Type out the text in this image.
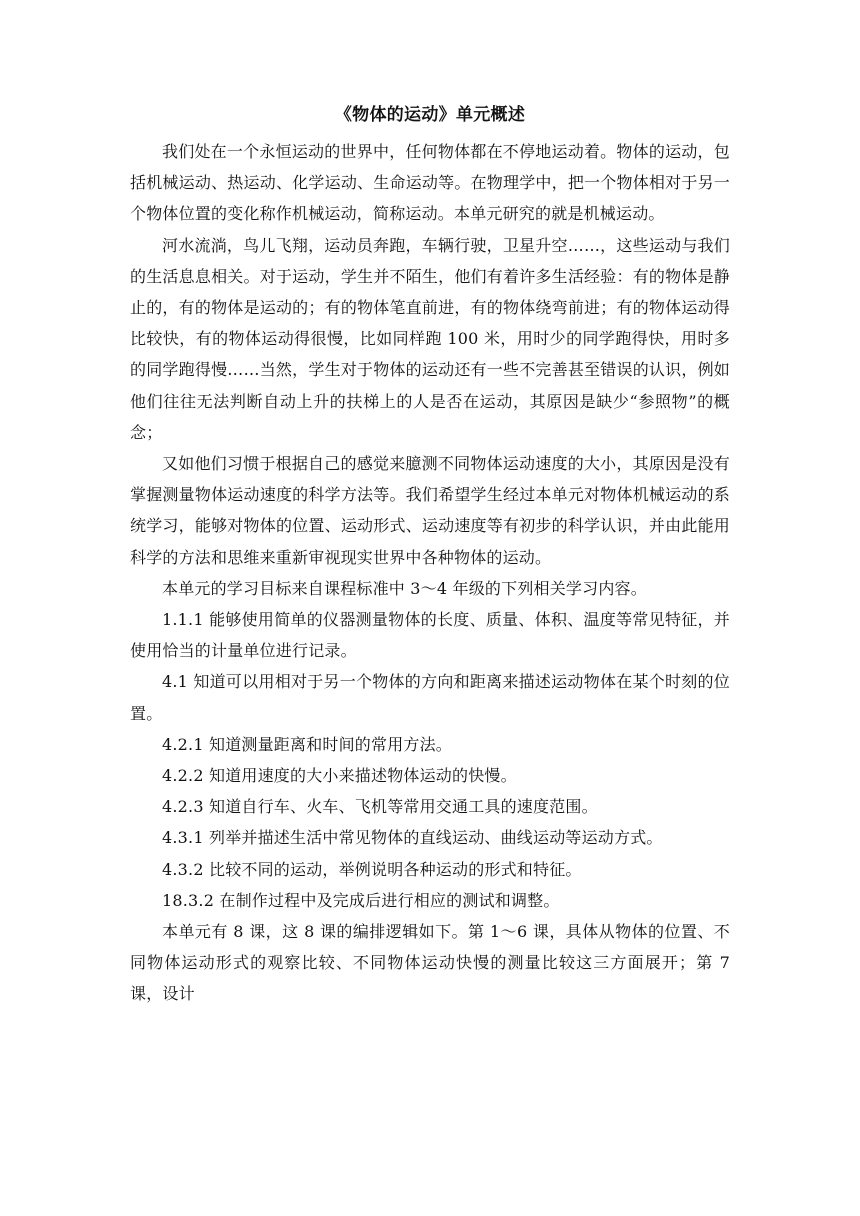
《物体的运动》单元概述

我们处在一个永恒运动的世界中，任何物体都在不停地运动着。物体的运动，包括机械运动、热运动、化学运动、生命运动等。在物理学中，把一个物体相对于另一个物体位置的变化称作机械运动，简称运动。本单元研究的就是机械运动。

河水流淌，鸟儿飞翔，运动员奔跑，车辆行驶，卫星升空……，这些运动与我们的生活息息相关。对于运动，学生并不陌生，他们有着许多生活经验：有的物体是静止的，有的物体是运动的；有的物体笔直前进，有的物体绕弯前进；有的物体运动得比较快，有的物体运动得很慢，比如同样跑 100 米，用时少的同学跑得快，用时多的同学跑得慢……当然，学生对于物体的运动还有一些不完善甚至错误的认识，例如他们往往无法判断自动上升的扶梯上的人是否在运动，其原因是缺少“参照物”的概念；

又如他们习惯于根据自己的感觉来臆测不同物体运动速度的大小，其原因是没有掌握测量物体运动速度的科学方法等。我们希望学生经过本单元对物体机械运动的系统学习，能够对物体的位置、运动形式、运动速度等有初步的科学认识，并由此能用科学的方法和思维来重新审视现实世界中各种物体的运动。

本单元的学习目标来自课程标准中 3～4 年级的下列相关学习内容。

1.1.1 能够使用简单的仪器测量物体的长度、质量、体积、温度等常见特征，并使用恰当的计量单位进行记录。

4.1 知道可以用相对于另一个物体的方向和距离来描述运动物体在某个时刻的位置。

4.2.1 知道测量距离和时间的常用方法。

4.2.2 知道用速度的大小来描述物体运动的快慢。

4.2.3 知道自行车、火车、飞机等常用交通工具的速度范围。

4.3.1 列举并描述生活中常见物体的直线运动、曲线运动等运动方式。

4.3.2 比较不同的运动，举例说明各种运动的形式和特征。

18.3.2 在制作过程中及完成后进行相应的测试和调整。

本单元有 8 课，这 8 课的编排逻辑如下。第 1～6 课，具体从物体的位置、不同物体运动形式的观察比较、不同物体运动快慢的测量比较这三方面展开；第 7 课，设计
